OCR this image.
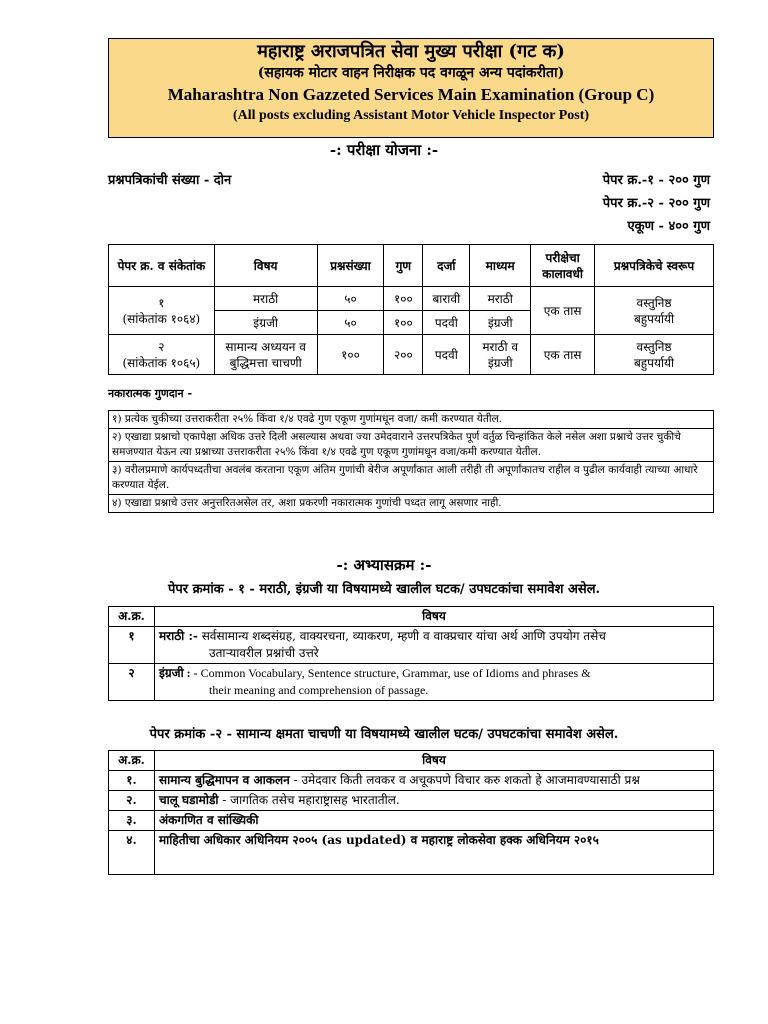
महाराष्ट्र अराजपत्रित सेवा मुख्य परीक्षा (गट क)
(सहायक मोटार वाहन निरीक्षक पद वगळून अन्य पदांकरीता)
Maharashtra Non Gazzeted Services Main Examination (Group C)
(All posts excluding Assistant Motor Vehicle Inspector Post)
-: परीक्षा योजना :-
प्रश्नपत्रिकांची संख्या - दोन	पेपर क्र.-१ - २०० गुण
पेपर क्र.-२ - २०० गुण
एकूण - ४०० गुण
पेपर क्र. व संकेतांक	विषय	प्रश्नसंख्या	गुण	दर्जा	माध्यम	परीक्षेचा कालावधी	प्रश्नपत्रिकेचे स्वरूप

१
(सांकेतांक १०६४)	मराठी	५०	१००	बारावी	मराठी	एक तास	वस्तुनिष्ठ बहुपर्यायी
	इंग्रजी	५०	१००	पदवी	इंग्रजी		

२
(सांकेतांक १०६५)	सामान्य अध्ययन व बुद्धिमत्ता चाचणी	१००	२००	पदवी	मराठी व इंग्रजी	एक तास	वस्तुनिष्ठ बहुपर्यायी
नकारात्मक गुणदान -
१) प्रत्येक चुकीच्या उत्तराकरीता २५% किंवा १/४ एवढे गुण एकूण गुणांमधून वजा/ कमी करण्यात येतील.
२) एखाद्या प्रश्नाचो एकापेक्षा अधिक उत्तरे दिली असल्यास अथवा ज्या उमेदवाराने उत्तरपत्रिकेत पूर्ण वर्तुळ चिन्हांकित केले नसेल अशा प्रश्नाचे उत्तर चुकीचे समजण्यात येऊन त्या प्रश्नाच्या उत्तराकरीता २५% किंवा १/४ एवढे गुण एकूण गुणांमधून वजा/कमी करण्यात येतील.
३) वरीलप्रमाणे कार्यपध्दतीचा अवलंब करताना एकूण अंतिम गुणांची बेरीज अपूर्णांकात आली तरीही ती अपूर्णांकातच राहील व पुढील कार्यवाही त्याच्या आधारे करण्यात येईल.
४) एखाद्या प्रश्नाचे उत्तर अनुत्तरितअसेल तर, अशा प्रकरणी नकारात्मक गुणांची पध्दत लागू असणार नाही.
-: अभ्यासक्रम :-
पेपर क्रमांक - १ - मराठी, इंग्रजी या विषयामध्ये खालील घटक/ उपघटकांचा समावेश असेल.
अ.क्र.	विषय
१	मराठी :- सर्वसामान्य शब्दसंग्रह, वाक्यरचना, व्याकरण, म्हणी व वाक्प्रचार यांचा अर्थ आणि उपयोग तसेच
उताऱ्यावरील प्रश्नांची उत्तरे

२	इंग्रजी : - Common Vocabulary, Sentence structure, Grammar, use of Idioms and phrases &
their meaning and comprehension of passage.
पेपर क्रमांक -२ - सामान्य क्षमता चाचणी या विषयामध्ये खालील घटक/ उपघटकांचा समावेश असेल.
अ.क्र.	विषय
१.	सामान्य बुद्धिमापन व आकलन - उमेदवार किती लवकर व अचूकपणे विचार करु शकतो हे आजमावण्यासाठी प्रश्न
२.	चालू घडामोडी - जागतिक तसेच महाराष्ट्रासह भारतातील.
३.	अंकगणित व सांख्यिकी
४.	माहितीचा अधिकार अधिनियम २००५ (as updated) व महाराष्ट्र लोकसेवा हक्क अधिनियम २०१५
